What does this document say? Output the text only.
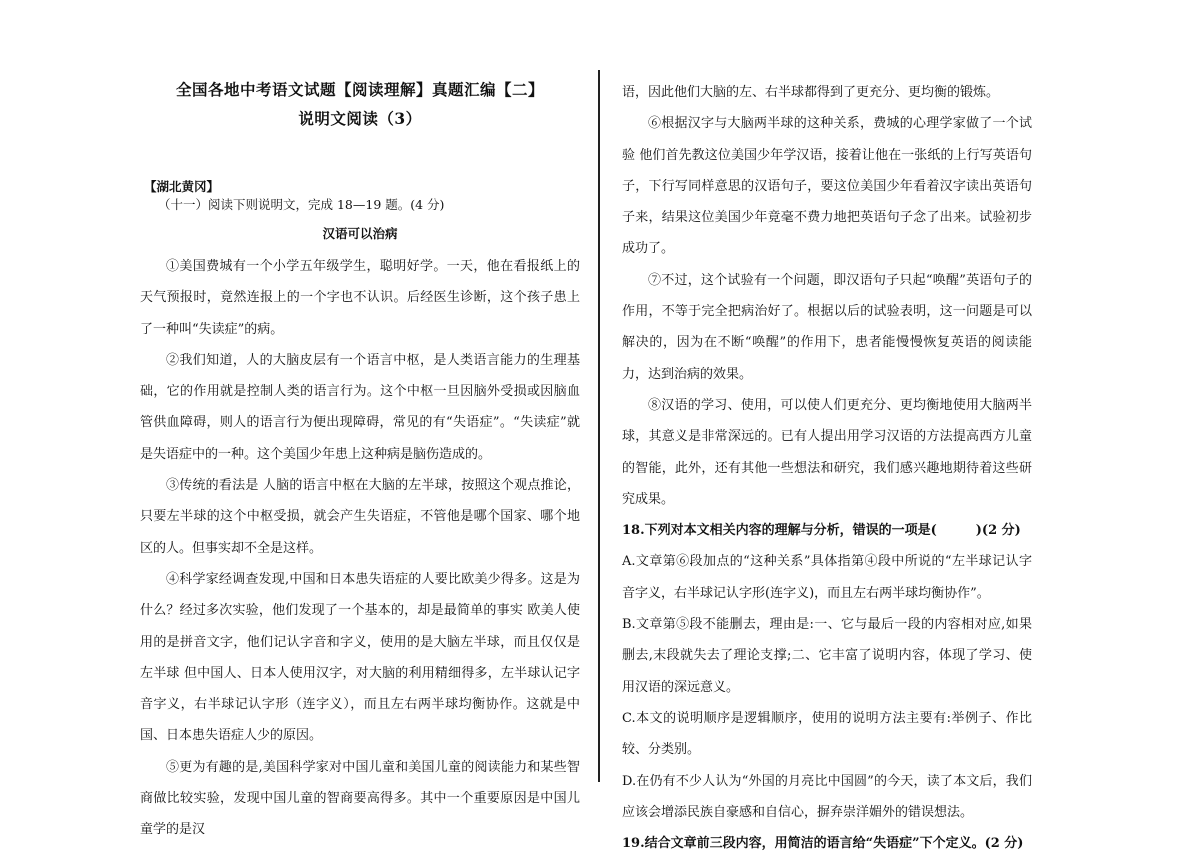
全国各地中考语文试题【阅读理解】真题汇编【二】
说明文阅读（3）
【湖北黄冈】
（十一）阅读下则说明文，完成 18—19 题。(4 分)
汉语可以治病

①美国费城有一个小学五年级学生，聪明好学。一天，他在看报纸上的天气预报时，竟然连报上的一个字也不认识。后经医生诊断，这个孩子患上了一种叫“失读症”的病。

②我们知道，人的大脑皮层有一个语言中枢，是人类语言能力的生理基础，它的作用就是控制人类的语言行为。这个中枢一旦因脑外受损或因脑血管供血障碍，则人的语言行为便出现障碍，常见的有“失语症”。“失读症”就是失语症中的一种。这个美国少年患上这种病是脑伤造成的。

③传统的看法是 人脑的语言中枢在大脑的左半球，按照这个观点推论，只要左半球的这个中枢受损，就会产生失语症，不管他是哪个国家、哪个地区的人。但事实却不全是这样。

④科学家经调查发现,中国和日本患失语症的人要比欧美少得多。这是为什么？经过多次实验，他们发现了一个基本的，却是最简单的事实 欧美人使用的是拼音文字，他们记认字音和字义，使用的是大脑左半球，而且仅仅是左半球 但中国人、日本人使用汉字，对大脑的利用精细得多，左半球认记字音字义，右半球记认字形（连字义），而且左右两半球均衡协作。这就是中国、日本患失语症人少的原因。

⑤更为有趣的是,美国科学家对中国儿童和美国儿童的阅读能力和某些智商做比较实验，发现中国儿童的智商要高得多。其中一个重要原因是中国儿童学的是汉

语，因此他们大脑的左、右半球都得到了更充分、更均衡的锻炼。

⑥根据汉字与大脑两半球的这种关系，费城的心理学家做了一个试验 他们首先教这位美国少年学汉语，接着让他在一张纸的上行写英语句子，下行写同样意思的汉语句子，要这位美国少年看着汉字读出英语句子来，结果这位美国少年竟毫不费力地把英语句子念了出来。试验初步成功了。

⑦不过，这个试验有一个问题，即汉语句子只起“唤醒”英语句子的作用，不等于完全把病治好了。根据以后的试验表明，这一问题是可以解决的，因为在不断“唤醒”的作用下，患者能慢慢恢复英语的阅读能力，达到治病的效果。

⑧汉语的学习、使用，可以使人们更充分、更均衡地使用大脑两半球，其意义是非常深远的。已有人提出用学习汉语的方法提高西方儿童的智能，此外，还有其他一些想法和研究，我们感兴趣地期待着这些研究成果。

18.下列对本文相关内容的理解与分析，错误的一项是(　　　)(2 分)

A.文章第⑥段加点的“这种关系”具体指第④段中所说的“左半球记认字音字义，右半球记认字形(连字义)，而且左右两半球均衡协作”。

B.文章第⑤段不能删去，理由是:一、它与最后一段的内容相对应,如果删去,末段就失去了理论支撑;二、它丰富了说明内容，体现了学习、使用汉语的深远意义。

C.本文的说明顺序是逻辑顺序，使用的说明方法主要有:举例子、作比较、分类别。

D.在仍有不少人认为“外国的月亮比中国圆”的今天，读了本文后，我们应该会增添民族自豪感和自信心，摒弃崇洋媚外的错误想法。

19.结合文章前三段内容，用简洁的语言给“失语症”下个定义。(2 分)
